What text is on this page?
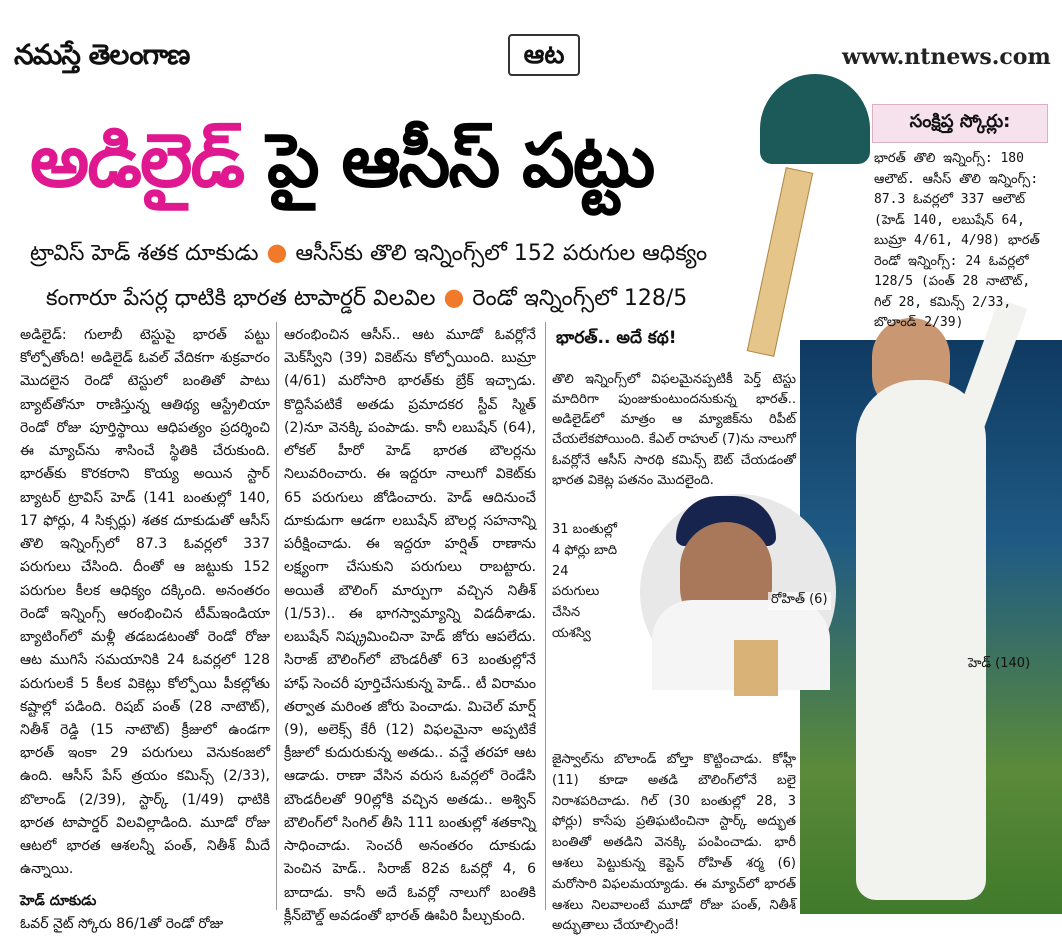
నమస్తే తెలంగాణ	ఆట	www.ntnews.com
హెడ్ (140)
అడిలైడ్ పై ఆసీస్ పట్టు
ట్రావిస్ హెడ్ శతక దూకుడు ● ఆసీస్‌కు తొలి ఇన్నింగ్స్‌లో 152 పరుగుల ఆధిక్యం
కంగారూ పేసర్ల ధాటికి భారత టాపార్డర్ విలవిల ● రెండో ఇన్నింగ్స్‌లో 128/5
సంక్షిప్త స్కోర్లు:
భారత్ తొలి ఇన్నింగ్స్: 180 ఆలౌట్. ఆసీస్ తొలి ఇన్నింగ్స్: 87.3 ఓవర్లలో 337 ఆలౌట్ (హెడ్ 140, లబుషేన్ 64, బుమ్రా 4/61, 4/98) భారత్ రెండో ఇన్నింగ్స్: 24 ఓవర్లలో 128/5 (పంత్ 28 నాటౌట్, గిల్ 28, కమిన్స్ 2/33, బొలాండ్ 2/39)
అడిలైడ్: గులాబీ టెస్టుపై భారత్ పట్టు కోల్పోతోంది! అడిలైడ్ ఓవల్ వేదికగా శుక్రవారం మొదలైన రెండో టెస్టులో బంతితో పాటు బ్యాట్‌తోనూ రాణిస్తున్న ఆతిథ్య ఆస్ట్రేలియా రెండో రోజు పూర్తిస్థాయి ఆధిపత్యం ప్రదర్శించి ఈ మ్యాచ్‌ను శాసించే స్థితికి చేరుకుంది. భారత్‌కు కొరకరాని కొయ్య అయిన స్టార్ బ్యాటర్ ట్రావిస్ హెడ్ (141 బంతుల్లో 140, 17 ఫోర్లు, 4 సిక్సర్లు) శతక దూకుడుతో ఆసీస్ తొలి ఇన్నింగ్స్‌లో 87.3 ఓవర్లలో 337 పరుగులు చేసింది. దీంతో ఆ జట్టుకు 152 పరుగుల కీలక ఆధిక్యం దక్కింది. అనంతరం రెండో ఇన్నింగ్స్ ఆరంభించిన టీమ్‌ఇండియా బ్యాటింగ్‌లో మళ్లీ తడబడటంతో రెండో రోజు ఆట ముగిసే సమయానికి 24 ఓవర్లలో 128 పరుగులకే 5 కీలక వికెట్లు కోల్పోయి పీకల్లోతు కష్టాల్లో పడింది. రిషబ్ పంత్ (28 నాటౌట్), నితీశ్ రెడ్డి (15 నాటౌట్) క్రీజులో ఉండగా భారత్ ఇంకా 29 పరుగులు వెనుకంజలో ఉంది. ఆసీస్ పేస్ త్రయం కమిన్స్ (2/33), బొలాండ్ (2/39), స్టార్క్ (1/49) ధాటికి భారత టాపార్డర్ విలవిల్లాడింది. మూడో రోజు ఆటలో భారత ఆశలన్నీ పంత్, నితీశ్ మీదే ఉన్నాయి.
హెడ్ దూకుడు
ఓవర్ నైట్ స్కోరు 86/1తో రెండో రోజు
ఆరంభించిన ఆసీస్.. ఆట మూడో ఓవర్లోనే మెక్‌స్వీని (39) వికెట్‌ను కోల్పోయింది. బుమ్రా (4/61) మరోసారి భారత్‌కు బ్రేక్ ఇచ్చాడు. కొద్దిసేపటికే అతడు ప్రమాదకర స్టీవ్ స్మిత్ (2)నూ వెనక్కి పంపాడు. కానీ లబుషేన్ (64), లోకల్ హీరో హెడ్ భారత బౌలర్లను నిలువరించారు. ఈ ఇద్దరూ నాలుగో వికెట్‌కు 65 పరుగులు జోడించారు. హెడ్ ఆదినుంచే దూకుడుగా ఆడగా లబుషేన్ బౌలర్ల సహనాన్ని పరీక్షించాడు. ఈ ఇద్దరూ హర్షిత్ రాణాను లక్ష్యంగా చేసుకుని పరుగులు రాబట్టారు. అయితే బౌలింగ్ మార్పుగా వచ్చిన నితీశ్ (1/53).. ఈ భాగస్వామ్యాన్ని విడదీశాడు. లబుషేన్ నిష్క్రమించినా హెడ్ జోరు ఆపలేదు. సిరాజ్ బౌలింగ్‌లో బౌండరీతో 63 బంతుల్లోనే హాఫ్ సెంచరీ పూర్తిచేసుకున్న హెడ్.. టీ విరామం తర్వాత మరింత జోరు పెంచాడు. మిచెల్ మార్ష్ (9), అలెక్స్ కేరీ (12) విఫలమైనా అప్పటికే క్రీజులో కుదురుకున్న అతడు.. వన్డే తరహా ఆట ఆడాడు. రాణా వేసిన వరుస ఓవర్లలో రెండేసి బౌండరీలతో 90ల్లోకి వచ్చిన అతడు.. అశ్విన్ బౌలింగ్‌లో సింగిల్ తీసి 111 బంతుల్లో శతకాన్ని సాధించాడు. సెంచరీ అనంతరం దూకుడు పెంచిన హెడ్.. సిరాజ్ 82వ ఓవర్లో 4, 6 బాదాడు. కానీ అదే ఓవర్లో నాలుగో బంతికి క్లీన్‌బౌల్డ్ అవడంతో భారత్ ఊపిరి పీల్చుకుంది.
భారత్.. అదే కథ!
తొలి ఇన్నింగ్స్‌లో విఫలమైనప్పటికీ పెర్త్ టెస్టు మాదిరిగా పుంజుకుంటుందనుకున్న భారత్.. అడిలైడ్‌లో మాత్రం ఆ మ్యాజిక్‌ను రిపీట్ చేయలేకపోయింది. కేఎల్ రాహుల్ (7)ను నాలుగో ఓవర్లోనే ఆసీస్ సారథి కమిన్స్ ఔట్ చేయడంతో భారత వికెట్ల పతనం మొదలైంది.
31 బంతుల్లో 4 ఫోర్లు బాది 24 పరుగులు చేసిన యశస్వి
జైస్వాల్‌ను బొలాండ్ బోల్తా కొట్టించాడు. కోహ్లీ (11) కూడా అతడి బౌలింగ్‌లోనే బలై నిరాశపరిచాడు. గిల్ (30 బంతుల్లో 28, 3 ఫోర్లు) కాసేపు ప్రతిఘటించినా స్టార్క్ అద్భుత బంతితో అతడిని వెనక్కి పంపించాడు. భారీ ఆశలు పెట్టుకున్న కెప్టెన్ రోహిత్ శర్మ (6) మరోసారి విఫలమయ్యాడు. ఈ మ్యాచ్‌లో భారత్ ఆశలు నిలవాలంటే మూడో రోజు పంత్, నితీశ్ అద్భుతాలు చేయాల్సిందే!
రోహిత్ (6)
